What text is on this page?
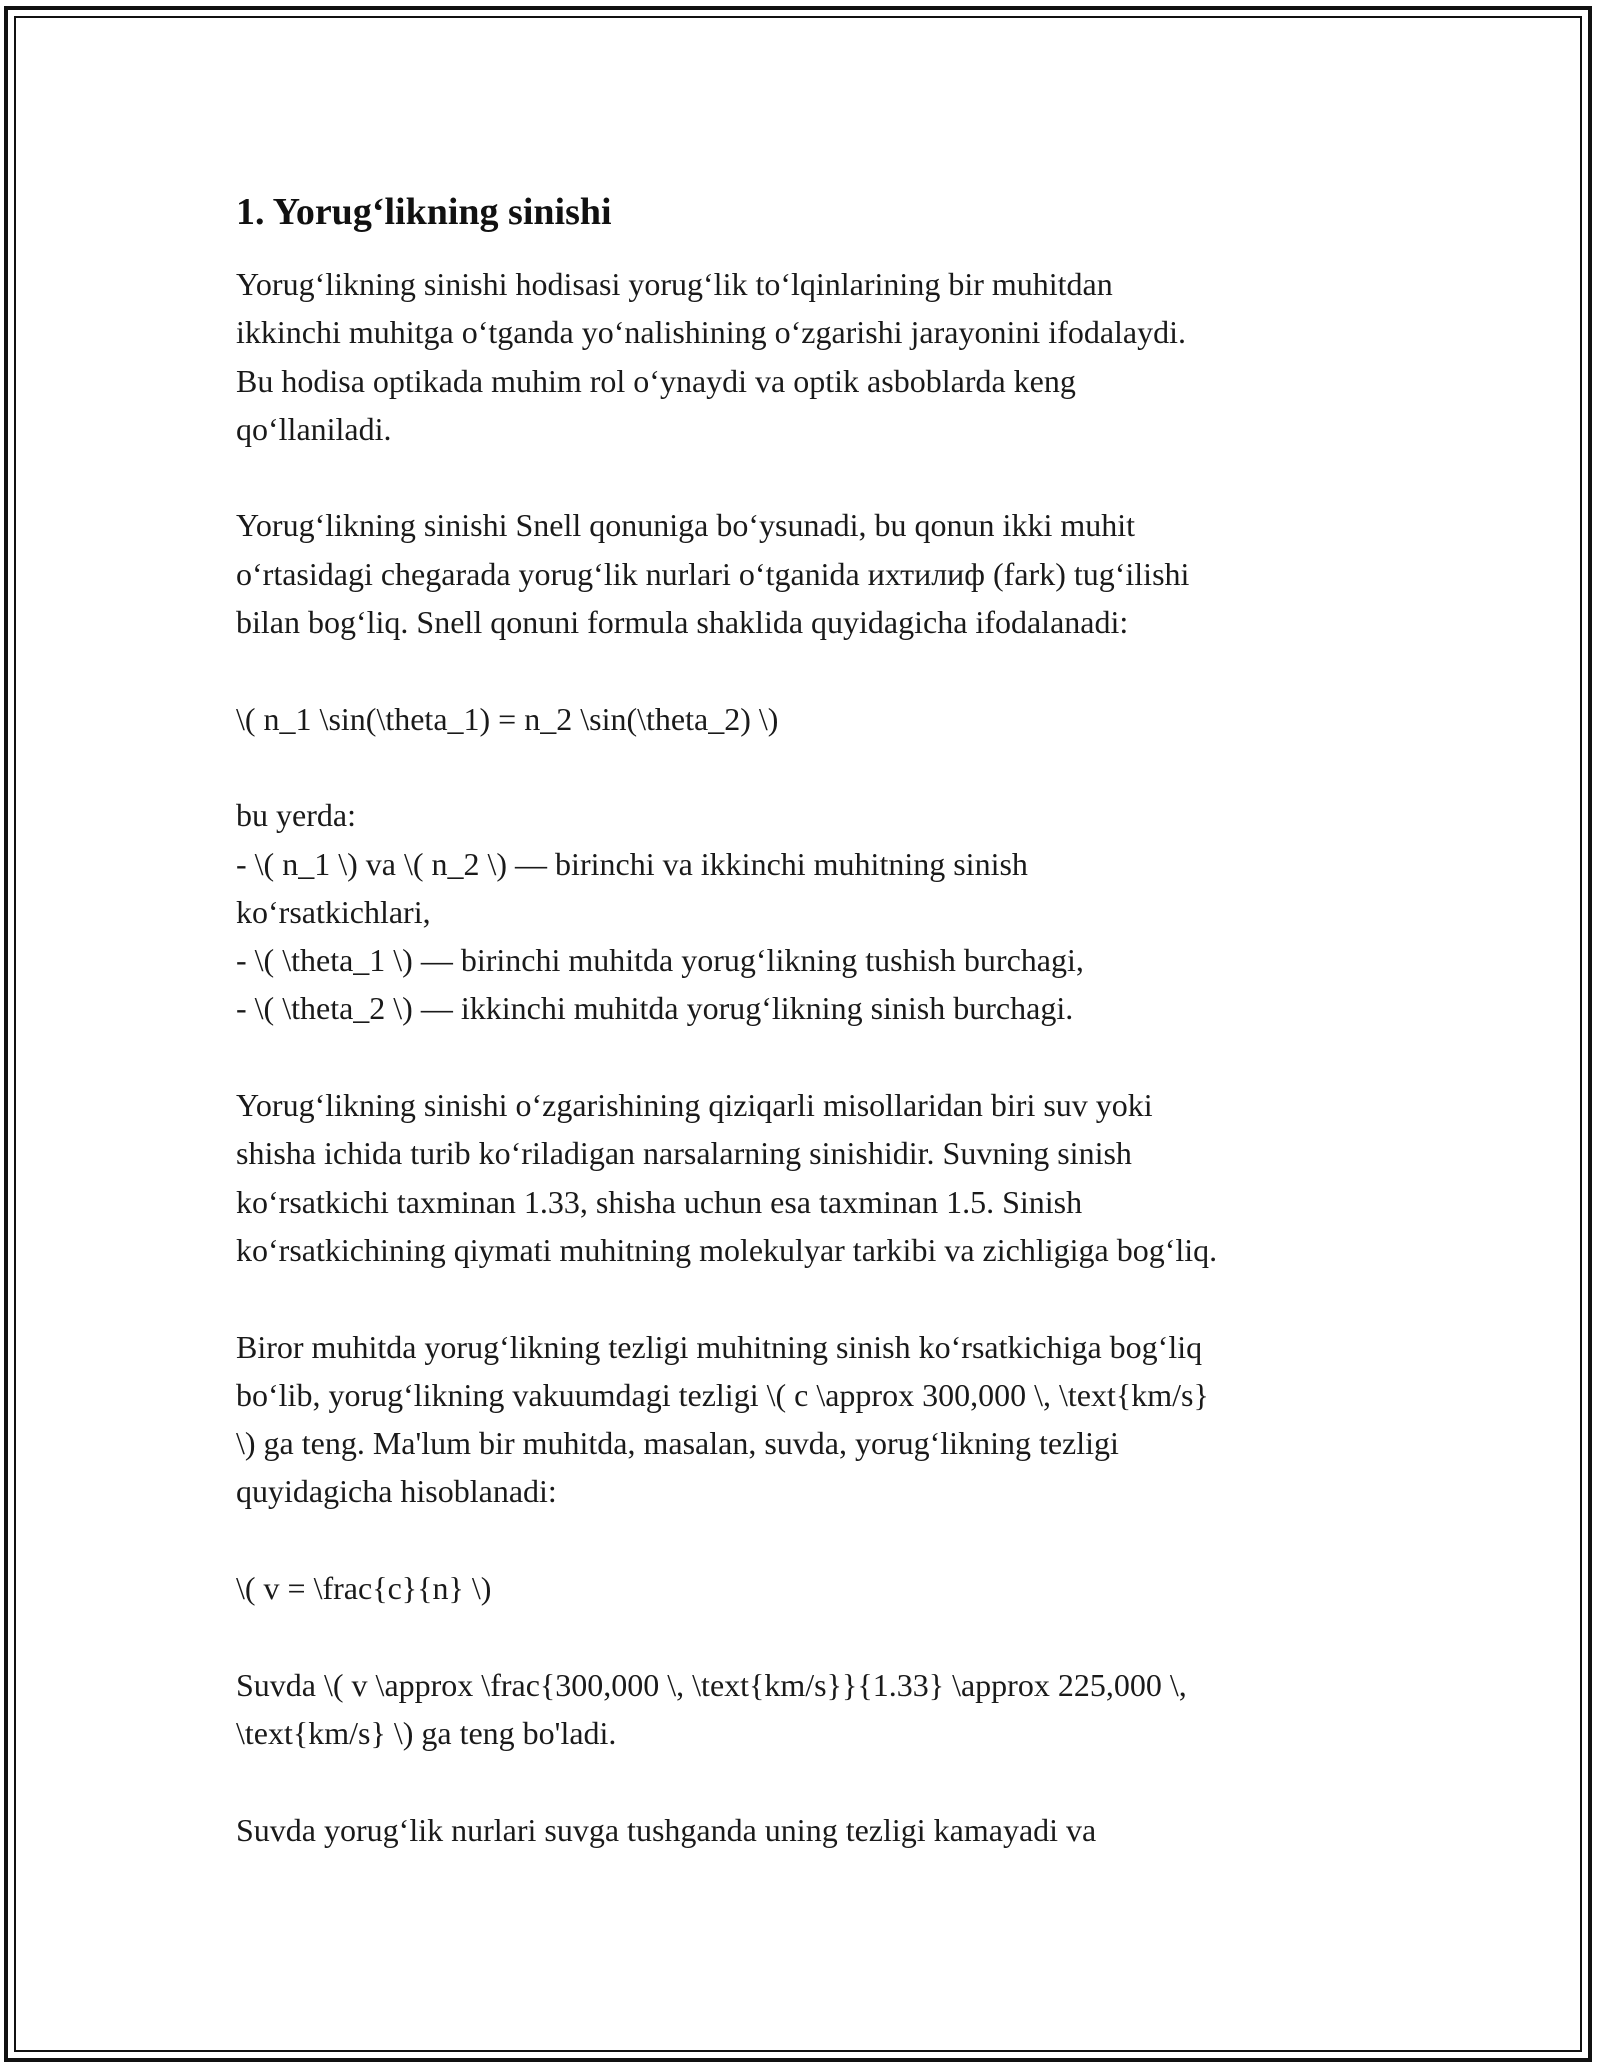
1. Yorug‘likning sinishi
Yorug‘likning sinishi hodisasi yorug‘lik to‘lqinlarining bir muhitdan
ikkinchi muhitga o‘tganda yo‘nalishining o‘zgarishi jarayonini ifodalaydi.
Bu hodisa optikada muhim rol o‘ynaydi va optik asboblarda keng
qo‘llaniladi.
Yorug‘likning sinishi Snell qonuniga bo‘ysunadi, bu qonun ikki muhit
o‘rtasidagi chegarada yorug‘lik nurlari o‘tganida ихтилиф (fark) tug‘ilishi
bilan bog‘liq. Snell qonuni formula shaklida quyidagicha ifodalanadi:
\( n_1 \sin(\theta_1) = n_2 \sin(\theta_2) \)
bu yerda:
- \( n_1 \) va \( n_2 \) — birinchi va ikkinchi muhitning sinish
ko‘rsatkichlari,
- \( \theta_1 \) — birinchi muhitda yorug‘likning tushish burchagi,
- \( \theta_2 \) — ikkinchi muhitda yorug‘likning sinish burchagi.
Yorug‘likning sinishi o‘zgarishining qiziqarli misollaridan biri suv yoki
shisha ichida turib ko‘riladigan narsalarning sinishidir. Suvning sinish
ko‘rsatkichi taxminan 1.33, shisha uchun esa taxminan 1.5. Sinish
ko‘rsatkichining qiymati muhitning molekulyar tarkibi va zichligiga bog‘liq.
Biror muhitda yorug‘likning tezligi muhitning sinish ko‘rsatkichiga bog‘liq
bo‘lib, yorug‘likning vakuumdagi tezligi \( c \approx 300,000 \, \text{km/s}
\) ga teng. Ma'lum bir muhitda, masalan, suvda, yorug‘likning tezligi
quyidagicha hisoblanadi:
\( v = \frac{c}{n} \)
Suvda \( v \approx \frac{300,000 \, \text{km/s}}{1.33} \approx 225,000 \,
\text{km/s} \) ga teng bo'ladi.
Suvda yorug‘lik nurlari suvga tushganda uning tezligi kamayadi va
